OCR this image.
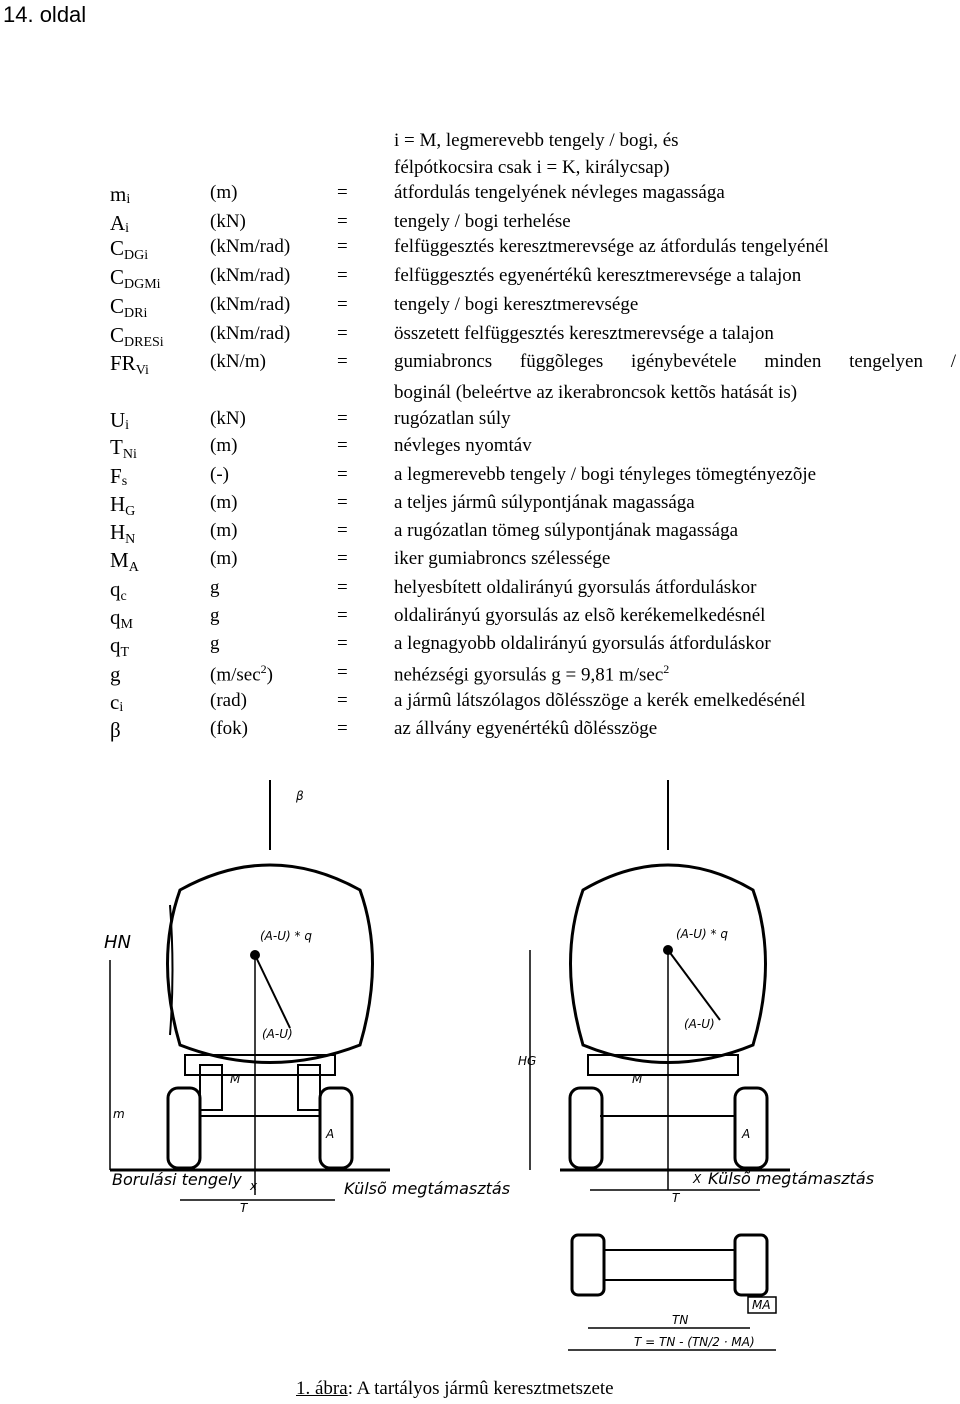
14. oldal
i = M, legmerevebb tengely / bogi, és
félpótkocsira csak i = K, királycsap)
mi	(m)	= átfordulás tengelyének névleges magassága
Ai	(kN)	= tengely / bogi terhelése
$C_{DGi}$	(kNm/rad) = felfüggesztés keresztmerevsége az átfordulás tengelyénél
$C_{DGMi}$	(kNm/rad) = felfüggesztés egyenértékû keresztmerevsége a talajon
$C_{DRi}$	(kNm/rad) = tengely / bogi keresztmerevsége
$C_{DRESi}$ (kNm/rad) = összetett felfüggesztés keresztmerevsége a talajon
$FR_{Vi}$	(kN/m)	= gumiabroncs függõleges igénybevétele minden tengelyen /
boginál (beleértve az ikerabroncsok kettõs hatását is)
Ui	(kN)	= rugózatlan súly
$T_{Ni}$	(m)	= névleges nyomtáv
Fs	(-)	= a legmerevebb tengely / bogi tényleges tömegtényezõje
$H_G$	(m)	= a teljes jármû súlypontjának magassága
$H_N$	(m)	= a rugózatlan tömeg súlypontjának magassága
$M_A$	(m)	= iker gumiabroncs szélessége
$q_c$	g	= helyesbített oldalirányú gyorsulás átforduláskor
$q_M$	g	= oldalirányú gyorsulás az elsõ kerékemelkedésnél
$q_T$	g	= a legnagyobb oldalirányú gyorsulás átforduláskor
g	$(m/\sec^2)$	= nehézségi gyorsulás g = 9,81 $m/\sec^2$
ci	(rad)	= a jármû látszólagos dõlésszöge a kerék emelkedésénél
β	(fok)	= az állvány egyenértékû dõlésszöge
(A-U) * q
(A-U)
HN
m
M
A
x
T
β
Borulási tengely	Külsõ megtámasztás
(A-U) * q
(A-U)
HG
M
A
X
T
Külsõ megtámasztás
MA
TN
T = TN - (TN/2 · MA)
1. ábra: A tartályos jármû keresztmetszete
